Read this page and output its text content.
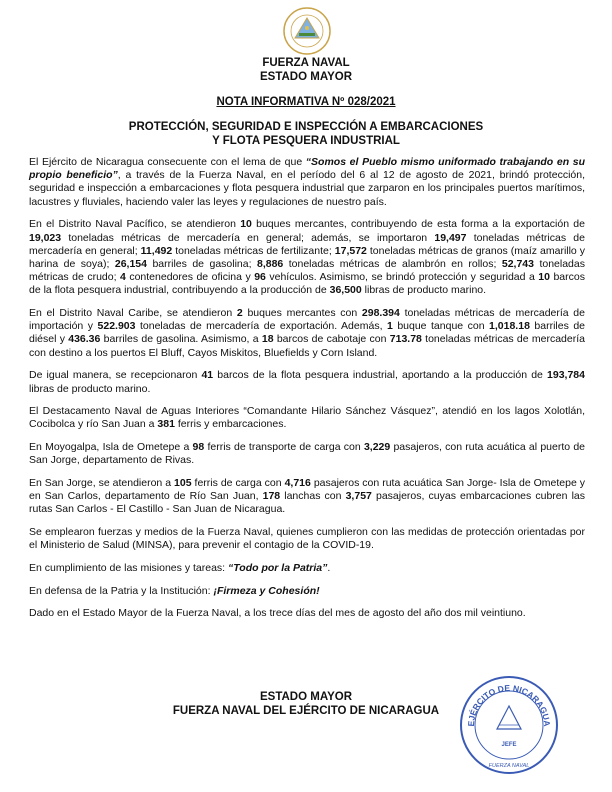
FUERZA NAVAL
ESTADO MAYOR
NOTA INFORMATIVA Nº 028/2021
PROTECCIÓN, SEGURIDAD E INSPECCIÓN A EMBARCACIONES
Y FLOTA PESQUERA INDUSTRIAL

El Ejército de Nicaragua consecuente con el lema de que “Somos el Pueblo mismo uniformado trabajando en su propio beneficio”, a través de la Fuerza Naval, en el período del 6 al 12 de agosto de 2021, brindó protección, seguridad e inspección a embarcaciones y flota pesquera industrial que zarparon en los principales puertos marítimos, lacustres y fluviales, haciendo valer las leyes y regulaciones de nuestro país.

En el Distrito Naval Pacífico, se atendieron 10 buques mercantes, contribuyendo de esta forma a la exportación de 19,023 toneladas métricas de mercadería en general; además, se importaron 19,497 toneladas métricas de mercadería en general; 11,492 toneladas métricas de fertilizante; 17,572 toneladas métricas de granos (maíz amarillo y harina de soya); 26,154 barriles de gasolina; 8,886 toneladas métricas de alambrón en rollos; 52,743 toneladas métricas de crudo; 4 contenedores de oficina y 96 vehículos. Asimismo, se brindó protección y seguridad a 10 barcos de la flota pesquera industrial, contribuyendo a la producción de 36,500 libras de producto marino.

En el Distrito Naval Caribe, se atendieron 2 buques mercantes con 298.394 toneladas métricas de mercadería de importación y 522.903 toneladas de mercadería de exportación. Además, 1 buque tanque con 1,018.18 barriles de diésel y 436.36 barriles de gasolina. Asimismo, a 18 barcos de cabotaje con 713.78 toneladas métricas de mercadería con destino a los puertos El Bluff, Cayos Miskitos, Bluefields y Corn Island.

De igual manera, se recepcionaron 41 barcos de la flota pesquera industrial, aportando a la producción de 193,784 libras de producto marino.

El Destacamento Naval de Aguas Interiores “Comandante Hilario Sánchez Vásquez”, atendió en los lagos Xolotlán, Cocibolca y río San Juan a 381 ferris y embarcaciones.

En Moyogalpa, Isla de Ometepe a 98 ferris de transporte de carga con 3,229 pasajeros, con ruta acuática al puerto de San Jorge, departamento de Rivas.

En San Jorge, se atendieron a 105 ferris de carga con 4,716 pasajeros con ruta acuática San Jorge- Isla de Ometepe y en San Carlos, departamento de Río San Juan, 178 lanchas con 3,757 pasajeros, cuyas embarcaciones cubren las rutas San Carlos - El Castillo - San Juan de Nicaragua.

Se emplearon fuerzas y medios de la Fuerza Naval, quienes cumplieron con las medidas de protección orientadas por el Ministerio de Salud (MINSA), para prevenir el contagio de la COVID-19.

En cumplimiento de las misiones y tareas: “Todo por la Patria”.

En defensa de la Patria y la Institución: ¡Firmeza y Cohesión!

Dado en el Estado Mayor de la Fuerza Naval, a los trece días del mes de agosto del año dos mil veintiuno.

ESTADO MAYOR
FUERZA NAVAL DEL EJÉRCITO DE NICARAGUA
EJÉRCITO DE NICARAGUA
JEFE
FUERZA NAVAL
